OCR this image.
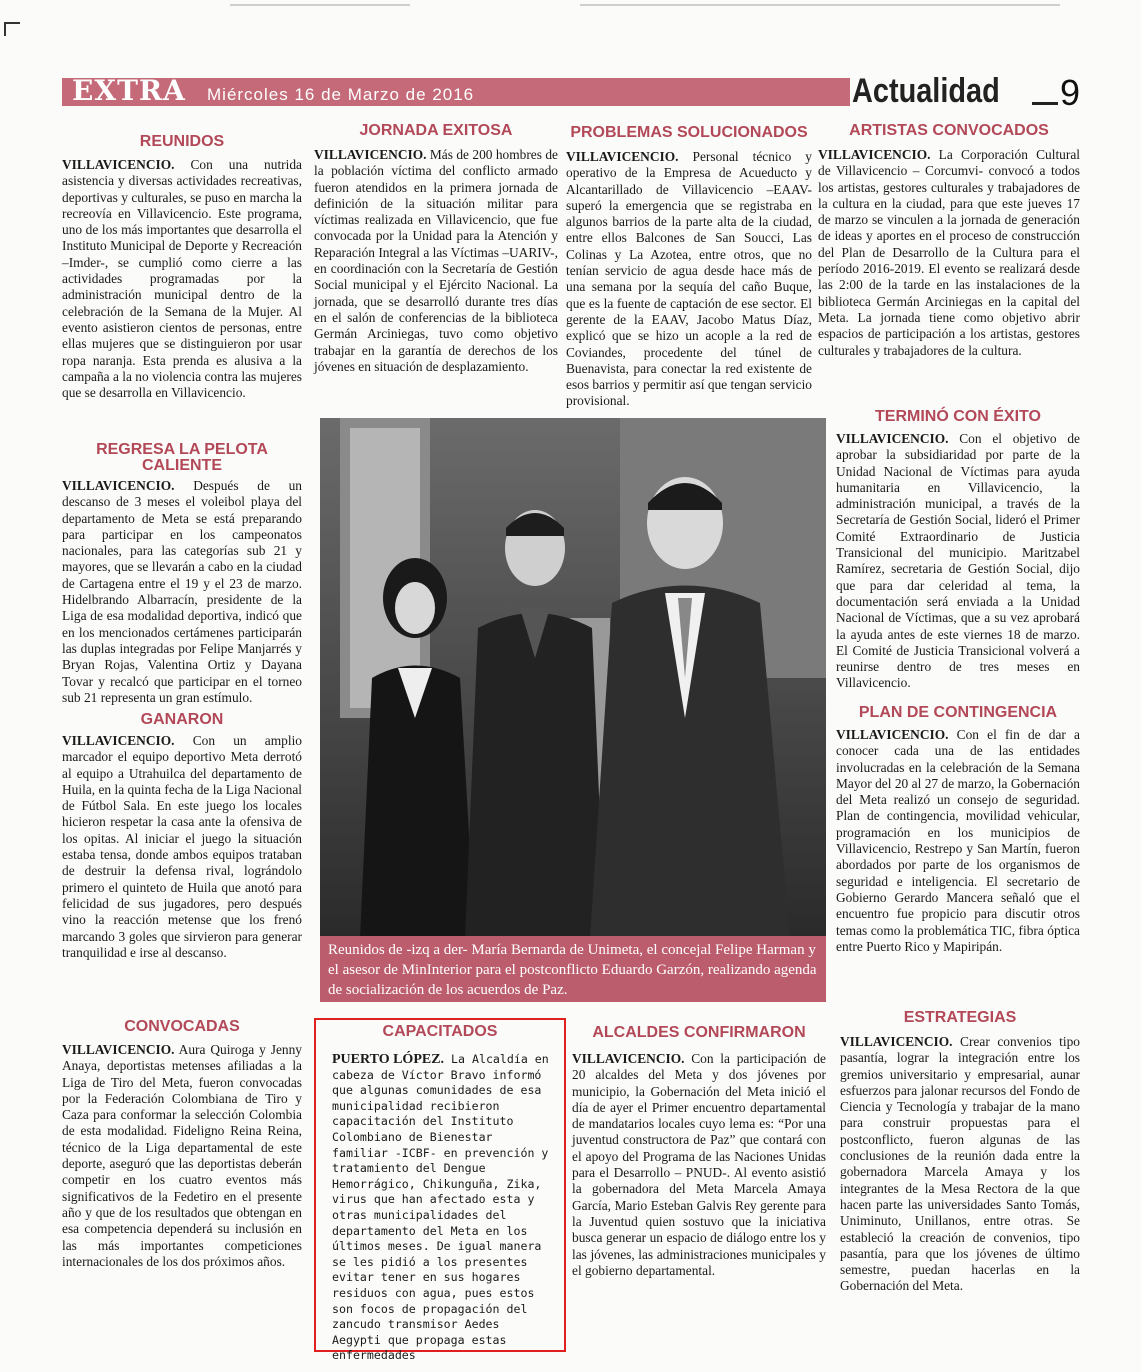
EXTRA Miércoles 16 de Marzo de 2016	Actualidad 9
REUNIDOS
VILLAVICENCIO. Con una nutrida asistencia y diversas actividades recreativas, deportivas y culturales, se puso en marcha la recreovía en Villavicencio. Este programa, uno de los más importantes que desarrolla el Instituto Municipal de Deporte y Recreación –Imder-, se cumplió como cierre a las actividades programadas por la administración municipal dentro de la celebración de la Semana de la Mujer. Al evento asistieron cientos de personas, entre ellas mujeres que se distinguieron por usar ropa naranja. Esta prenda es alusiva a la campaña a la no violencia contra las mujeres que se desarrolla en Villavicencio.
REGRESA LA PELOTA CALIENTE
VILLAVICENCIO. Después de un descanso de 3 meses el voleibol playa del departamento de Meta se está preparando para participar en los campeonatos nacionales, para las categorías sub 21 y mayores, que se llevarán a cabo en la ciudad de Cartagena entre el 19 y el 23 de marzo. Hidelbrando Albarracín, presidente de la Liga de esa modalidad deportiva, indicó que en los mencionados certámenes participarán las duplas integradas por Felipe Manjarrés y Bryan Rojas, Valentina Ortiz y Dayana Tovar y recalcó que participar en el torneo sub 21 representa un gran estímulo.
GANARON
VILLAVICENCIO. Con un amplio marcador el equipo deportivo Meta derrotó al equipo a Utrahuilca del departamento de Huila, en la quinta fecha de la Liga Nacional de Fútbol Sala. En este juego los locales hicieron respetar la casa ante la ofensiva de los opitas. Al iniciar el juego la situación estaba tensa, donde ambos equipos trataban de destruir la defensa rival, lográndolo primero el quinteto de Huila que anotó para felicidad de sus jugadores, pero después vino la reacción metense que los frenó marcando 3 goles que sirvieron para generar tranquilidad e irse al descanso.
CONVOCADAS
VILLAVICENCIO. Aura Quiroga y Jenny Anaya, deportistas metenses afiliadas a la Liga de Tiro del Meta, fueron convocadas por la Federación Colombiana de Tiro y Caza para conformar la selección Colombia de esta modalidad. Fideligno Reina Reina, técnico de la Liga departamental de este deporte, aseguró que las deportistas deberán competir en los cuatro eventos más significativos de la Fedetiro en el presente año y que de los resultados que obtengan en esa competencia dependerá su inclusión en las más importantes competiciones internacionales de los dos próximos años.
JORNADA EXITOSA
VILLAVICENCIO. Más de 200 hombres de la población víctima del conflicto armado fueron atendidos en la primera jornada de definición de la situación militar para víctimas realizada en Villavicencio, que fue convocada por la Unidad para la Atención y Reparación Integral a las Víctimas –UARIV-, en coordinación con la Secretaría de Gestión Social municipal y el Ejército Nacional. La jornada, que se desarrolló durante tres días en el salón de conferencias de la biblioteca Germán Arciniegas, tuvo como objetivo trabajar en la garantía de derechos de los jóvenes en situación de desplazamiento.
PROBLEMAS SOLUCIONADOS
VILLAVICENCIO. Personal técnico y operativo de la Empresa de Acueducto y Alcantarillado de Villavicencio –EAAV- superó la emergencia que se registraba en algunos barrios de la parte alta de la ciudad, entre ellos Balcones de San Soucci, Las Colinas y La Azotea, entre otros, que no tenían servicio de agua desde hace más de una semana por la sequía del caño Buque, que es la fuente de captación de ese sector. El gerente de la EAAV, Jacobo Matus Díaz, explicó que se hizo un acople a la red de Coviandes, procedente del túnel de Buenavista, para conectar la red existente de esos barrios y permitir así que tengan servicio provisional.
ARTISTAS CONVOCADOS
VILLAVICENCIO. La Corporación Cultural de Villavicencio – Corcumvi- convocó a todos los artistas, gestores culturales y trabajadores de la cultura en la ciudad, para que este jueves 17 de marzo se vinculen a la jornada de generación de ideas y aportes en el proceso de construcción del Plan de Desarrollo de la Cultura para el período 2016-2019. El evento se realizará desde las 2:00 de la tarde en las instalaciones de la biblioteca Germán Arciniegas en la capital del Meta. La jornada tiene como objetivo abrir espacios de participación a los artistas, gestores culturales y trabajadores de la cultura.
TERMINÓ CON ÉXITO
VILLAVICENCIO. Con el objetivo de aprobar la subsidiaridad por parte de la Unidad Nacional de Víctimas para ayuda humanitaria en Villavicencio, la administración municipal, a través de la Secretaría de Gestión Social, lideró el Primer Comité Extraordinario de Justicia Transicional del municipio. Maritzabel Ramírez, secretaria de Gestión Social, dijo que para dar celeridad al tema, la documentación será enviada a la Unidad Nacional de Víctimas, que a su vez aprobará la ayuda antes de este viernes 18 de marzo. El Comité de Justicia Transicional volverá a reunirse dentro de tres meses en Villavicencio.
PLAN DE CONTINGENCIA
VILLAVICENCIO. Con el fin de dar a conocer cada una de las entidades involucradas en la celebración de la Semana Mayor del 20 al 27 de marzo, la Gobernación del Meta realizó un consejo de seguridad. Plan de contingencia, movilidad vehicular, programación en los municipios de Villavicencio, Restrepo y San Martín, fueron abordados por parte de los organismos de seguridad e inteligencia. El secretario de Gobierno Gerardo Mancera señaló que el encuentro fue propicio para discutir otros temas como la problemática TIC, fibra óptica entre Puerto Rico y Mapiripán.
Reunidos de -izq a der- María Bernarda de Unimeta, el concejal Felipe Harman y el asesor de MinInterior para el postconflicto Eduardo Garzón, realizando agenda de socialización de los acuerdos de Paz.
CAPACITADOS
PUERTO LÓPEZ. La Alcaldía en cabeza de Víctor Bravo informó que algunas comunidades de esa municipalidad recibieron capacitación del Instituto Colombiano de Bienestar familiar -ICBF- en prevención y tratamiento del Dengue Hemorrágico, Chikunguña, Zika, virus que han afectado esta y otras municipalidades del departamento del Meta en los últimos meses. De igual manera se les pidió a los presentes evitar tener en sus hogares residuos con agua, pues estos son focos de propagación del zancudo transmisor Aedes Aegypti que propaga estas enfermedades
ALCALDES CONFIRMARON
VILLAVICENCIO. Con la participación de 20 alcaldes del Meta y dos jóvenes por municipio, la Gobernación del Meta inició el día de ayer el Primer encuentro departamental de mandatarios locales cuyo lema es: “Por una juventud constructora de Paz” que contará con el apoyo del Programa de las Naciones Unidas para el Desarrollo – PNUD-. Al evento asistió la gobernadora del Meta Marcela Amaya García, Mario Esteban Galvis Rey gerente para la Juventud quien sostuvo que la iniciativa busca generar un espacio de diálogo entre los y las jóvenes, las administraciones municipales y el gobierno departamental.
ESTRATEGIAS
VILLAVICENCIO. Crear convenios tipo pasantía, lograr la integración entre los gremios universitario y empresarial, aunar esfuerzos para jalonar recursos del Fondo de Ciencia y Tecnología y trabajar de la mano para construir propuestas para el postconflicto, fueron algunas de las conclusiones de la reunión dada entre la gobernadora Marcela Amaya y los integrantes de la Mesa Rectora de la que hacen parte las universidades Santo Tomás, Uniminuto, Unillanos, entre otras. Se estableció la creación de convenios, tipo pasantía, para que los jóvenes de último semestre, puedan hacerlas en la Gobernación del Meta.
